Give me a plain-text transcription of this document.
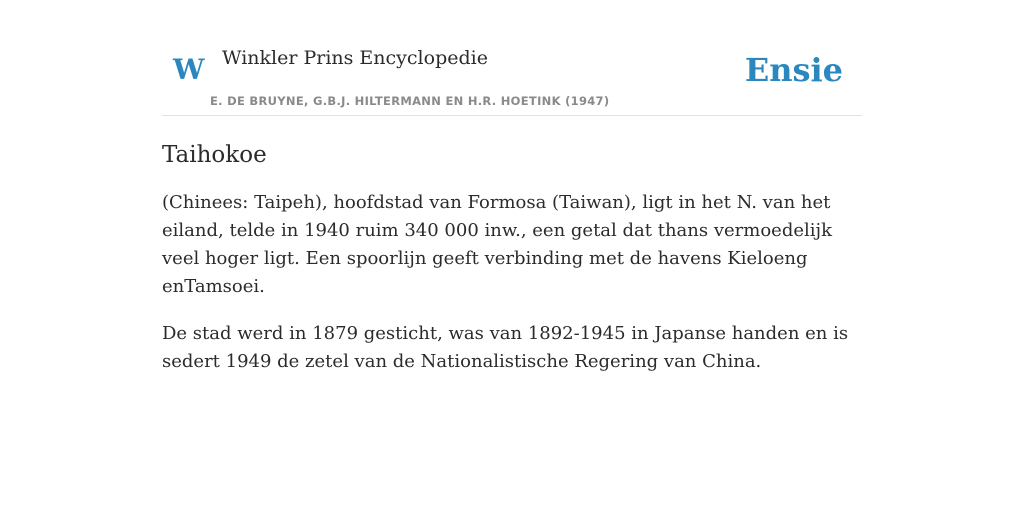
W Winkler Prins Encyclopedie
E. DE BRUYNE, G.B.J. HILTERMANN EN H.R. HOETINK (1947)
Ensie
Taihokoe

(Chinees: Taipeh), hoofdstad van Formosa (Taiwan), ligt in het N. van het eiland, telde in 1940 ruim 340 000 inw., een getal dat thans vermoedelijk veel hoger ligt. Een spoorlijn geeft verbinding met de havens Kieloeng enTamsoei.

De stad werd in 1879 gesticht, was van 1892-1945 in Japanse handen en is sedert 1949 de zetel van de Nationalistische Regering van China.
